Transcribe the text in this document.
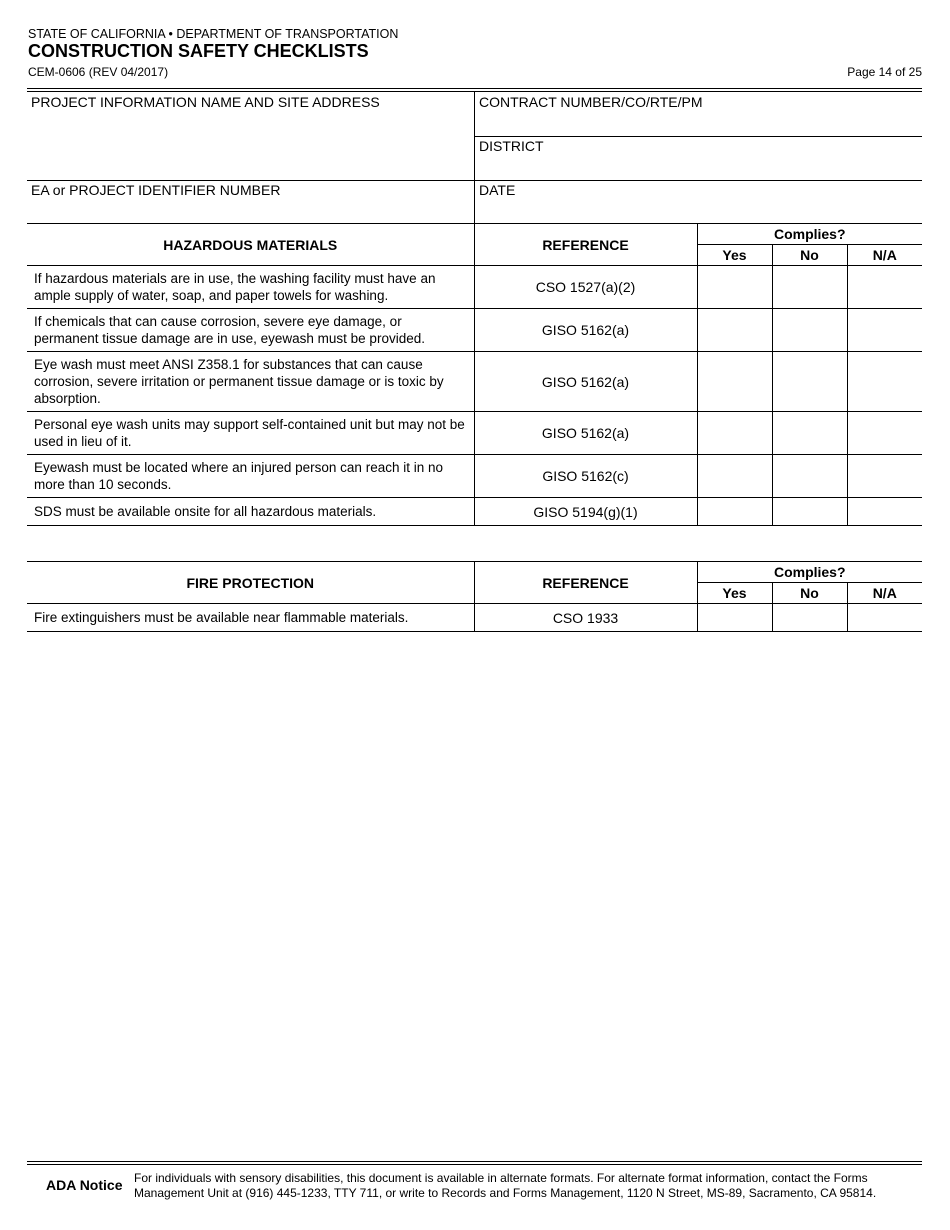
STATE OF CALIFORNIA • DEPARTMENT OF TRANSPORTATION
CONSTRUCTION SAFETY CHECKLISTS
CEM-0606 (REV 04/2017)	Page 14 of 25
PROJECT INFORMATION NAME AND SITE ADDRESS	CONTRACT NUMBER/CO/RTE/PM
DISTRICT
EA or PROJECT IDENTIFIER NUMBER	DATE
HAZARDOUS MATERIALS	REFERENCE	Complies?		
		Yes	No	N/A
If hazardous materials are in use, the washing facility must have an ample supply of water, soap, and paper towels for washing.	CSO 1527(a)(2)			
If chemicals that can cause corrosion, severe eye damage, or permanent tissue damage are in use, eyewash must be provided.	GISO 5162(a)			
Eye wash must meet ANSI Z358.1 for substances that can cause corrosion, severe irritation or permanent tissue damage or is toxic by absorption.	GISO 5162(a)			
Personal eye wash units may support self-contained unit but may not be used in lieu of it.	GISO 5162(a)			
Eyewash must be located where an injured person can reach it in no more than 10 seconds.	GISO 5162(c)			
SDS must be available onsite for all hazardous materials.	GISO 5194(g)(1)			
FIRE PROTECTION	REFERENCE	Complies?		
		Yes	No	N/A
Fire extinguishers must be available near flammable materials.	CSO 1933			
ADA Notice For individuals with sensory disabilities, this document is available in alternate formats. For alternate format information, contact the Forms Management Unit at (916) 445-1233, TTY 711, or write to Records and Forms Management, 1120 N Street, MS-89, Sacramento, CA 95814.
